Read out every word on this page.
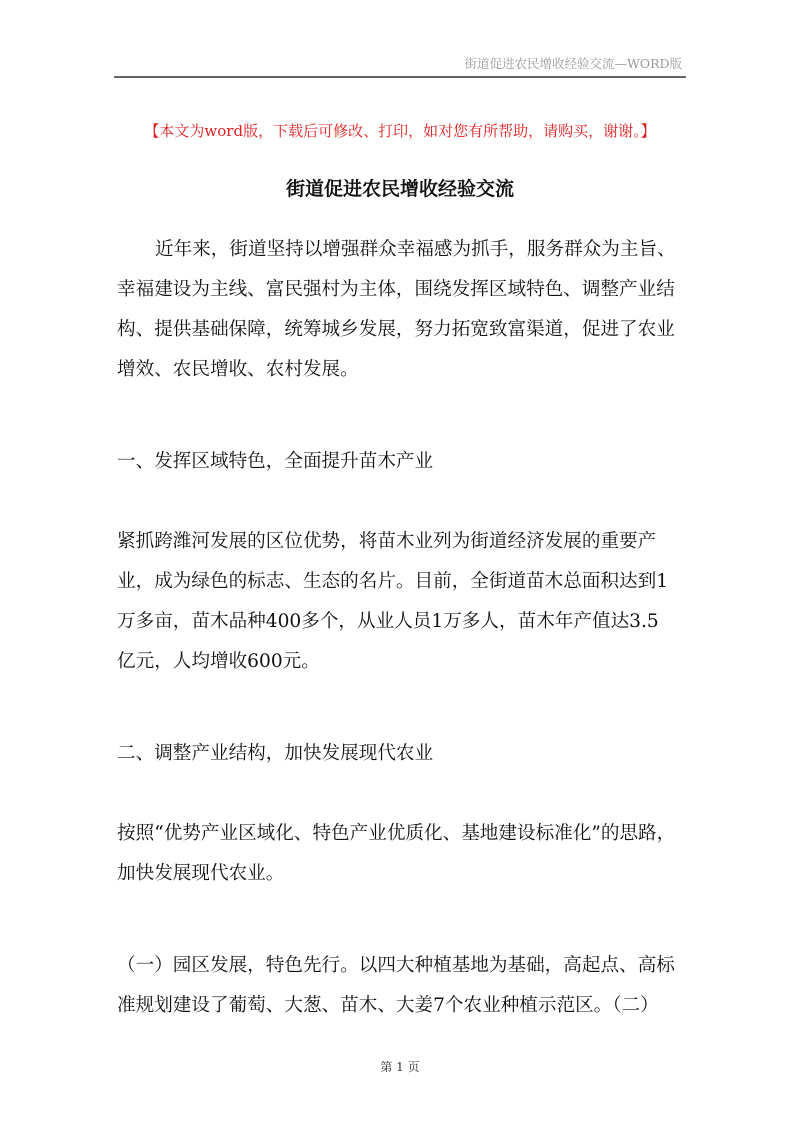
街道促进农民增收经验交流—WORD版
【本文为word版，下载后可修改、打印，如对您有所帮助，请购买，谢谢。】
街道促进农民增收经验交流
近年来，街道坚持以增强群众幸福感为抓手，服务群众为主旨、
幸福建设为主线、富民强村为主体，围绕发挥区域特色、调整产业结
构、提供基础保障，统筹城乡发展，努力拓宽致富渠道，促进了农业
增效、农民增收、农村发展。
一、发挥区域特色，全面提升苗木产业
紧抓跨潍河发展的区位优势，将苗木业列为街道经济发展的重要产
业，成为绿色的标志、生态的名片。目前，全街道苗木总面积达到1
万多亩，苗木品种400多个，从业人员1万多人，苗木年产值达3.5
亿元，人均增收600元。
二、调整产业结构，加快发展现代农业
按照“优势产业区域化、特色产业优质化、基地建设标准化”的思路，
加快发展现代农业。
（一）园区发展，特色先行。以四大种植基地为基础，高起点、高标
准规划建设了葡萄、大葱、苗木、大姜7个农业种植示范区。（二）
第 1 页
